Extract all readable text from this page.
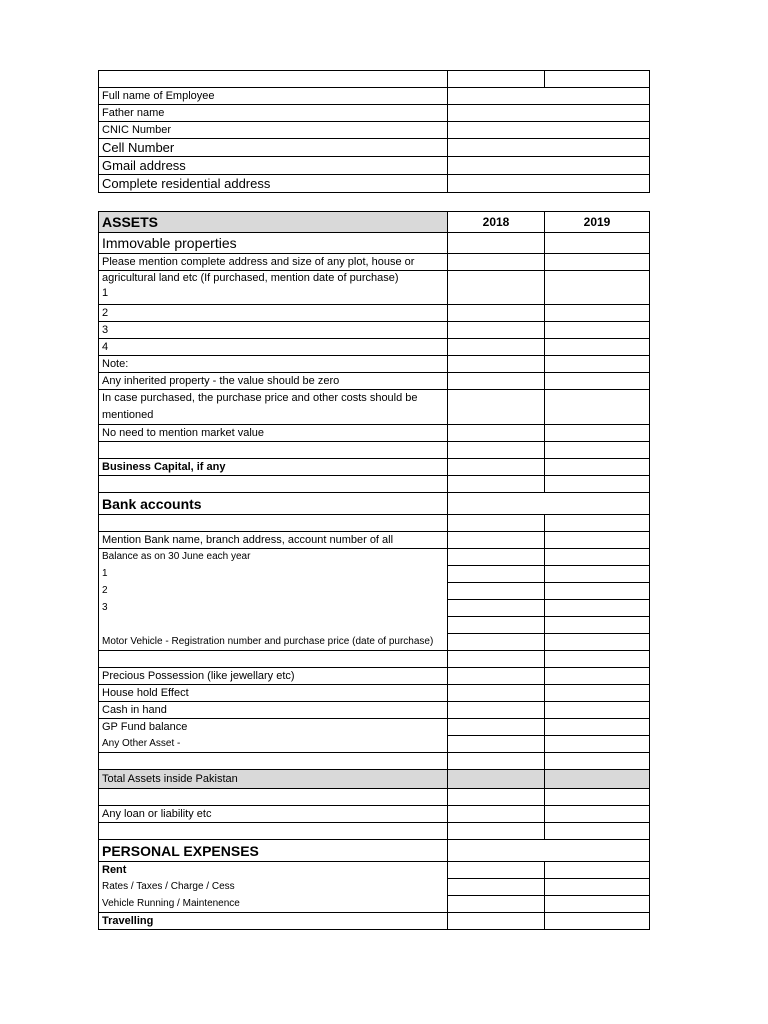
Full name of Employee		
Father name		
CNIC Number		
Cell Number		
Gmail address		
Complete residential address		
ASSETS	2018	2019
Immovable properties		
Please mention complete address and size of any plot, house or		

agricultural land etc (If purchased, mention date of purchase)
1		

2		
3		
4		
Note:		
Any inherited property - the value should be zero		

In case purchased, the purchase price and other costs should be
mentioned		

No need to mention market value		

Business Capital, if any		

Bank accounts		

Mention Bank name, branch address, account number of all		
Balance as on 30 June each year		
1		
2		
3		

Motor Vehicle - Registration number and purchase price (date of purchase)		

Precious Possession (like jewellary etc)		
House hold Effect		
Cash in hand		
GP Fund balance		
Any Other Asset -		

Total Assets inside Pakistan		

Any loan or liability etc		

PERSONAL EXPENSES		
Rent		
Rates / Taxes / Charge / Cess		
Vehicle Running / Maintenence		
Travelling		
